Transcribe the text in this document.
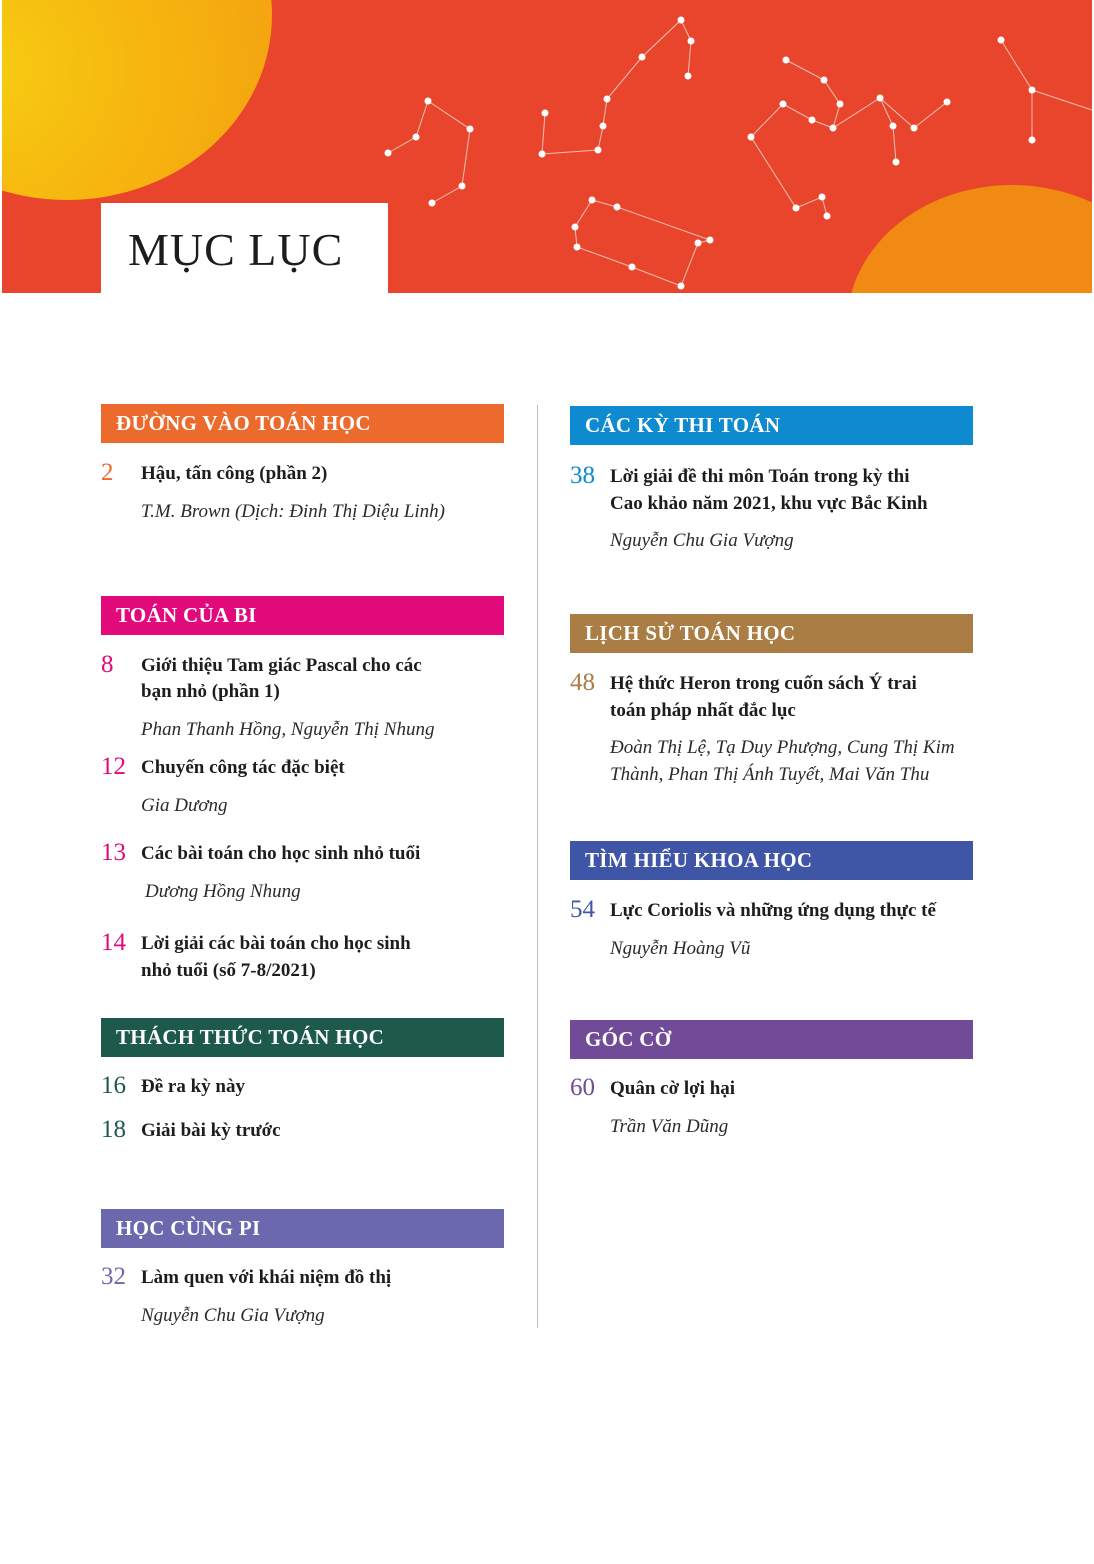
MỤC LỤC
ĐƯỜNG VÀO TOÁN HỌC
2 Hậu, tấn công (phần 2)
T.M. Brown (Dịch: Đinh Thị Diệu Linh)
TOÁN CỦA BI
8 Giới thiệu Tam giác Pascal cho các
bạn nhỏ (phần 1)
Phan Thanh Hồng, Nguyễn Thị Nhung
12 Chuyến công tác đặc biệt
Gia Dương
13 Các bài toán cho học sinh nhỏ tuổi
Dương Hồng Nhung
14 Lời giải các bài toán cho học sinh
nhỏ tuổi (số 7-8/2021)
THÁCH THỨC TOÁN HỌC
16 Đề ra kỳ này
18 Giải bài kỳ trước
HỌC CÙNG PI
32 Làm quen với khái niệm đồ thị
Nguyễn Chu Gia Vượng
CÁC KỲ THI TOÁN
38 Lời giải đề thi môn Toán trong kỳ thi
Cao khảo năm 2021, khu vực Bắc Kinh
Nguyễn Chu Gia Vượng
LỊCH SỬ TOÁN HỌC
48 Hệ thức Heron trong cuốn sách Ý trai
toán pháp nhất đắc lục
Đoàn Thị Lệ, Tạ Duy Phượng, Cung Thị Kim
Thành, Phan Thị Ánh Tuyết, Mai Văn Thu
TÌM HIỂU KHOA HỌC
54 Lực Coriolis và những ứng dụng thực tế
Nguyễn Hoàng Vũ
GÓC CỜ
60 Quân cờ lợi hại
Trần Văn Dũng
